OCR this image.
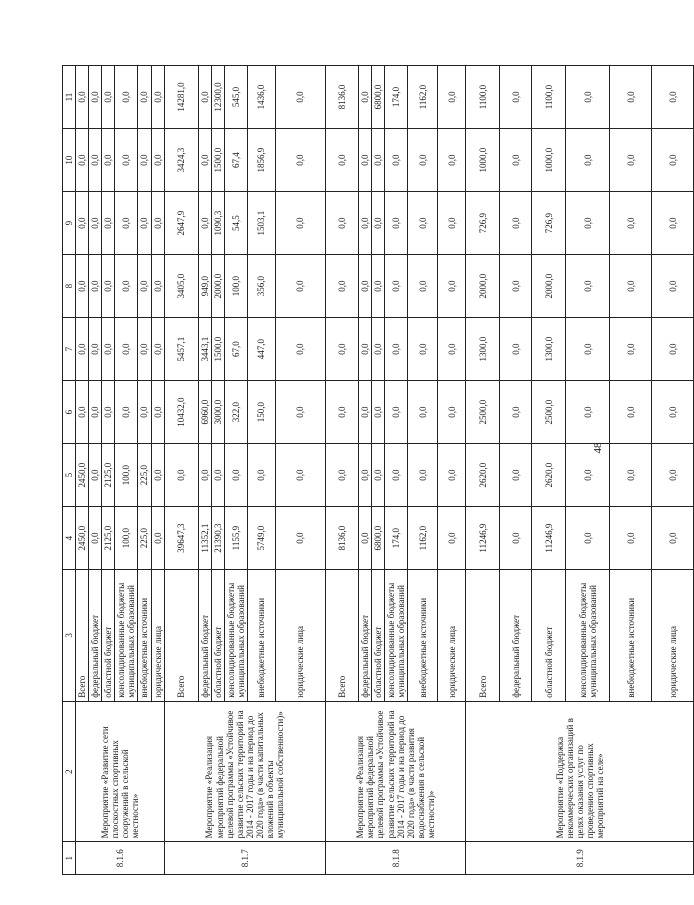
48
1	2	3	4	5	6	7	8	9	10	11
8.1.6	Мероприятие «Развитие сети плоскостных спортивных сооружений в сельской местности»	Всего	2450,0	2450,0	0,0	0,0	0,0	0,0	0,0	0,0
		федеральный бюджет	0,0	0,0	0,0	0,0	0,0	0,0	0,0	0,0
		областной бюджет	2125,0	2125,0	0,0	0,0	0,0	0,0	0,0	0,0
		консолидированные бюджеты муниципальных образований	100,0	100,0	0,0	0,0	0,0	0,0	0,0	0,0
		внебюджетные источники	225,0	225,0	0,0	0,0	0,0	0,0	0,0	0,0
		юридические лица	0,0	0,0	0,0	0,0	0,0	0,0	0,0	0,0
8.1.7	Мероприятие «Реализация мероприятий федеральной целевой программы «Устойчивое развитие сельских территорий на 2014 - 2017 годы и на период до 2020 года» (в части капитальных вложений в объекты муниципальной собственности)»	Всего	39647,3	0,0	10432,0	5457,1	3405,0	2647,9	3424,3	14281,0
		федеральный бюджет	11352,1	0,0	6960,0	3443,1	949,0	0,0	0,0	0,0
		областной бюджет	21390,3	0,0	3000,0	1500,0	2000,0	1090,3	1500,0	12300,0
		консолидированные бюджеты муниципальных образований	1155,9	0,0	322,0	67,0	100,0	54,5	67,4	545,0
		внебюджетные источники	5749,0	0,0	150,0	447,0	356,0	1503,1	1856,9	1436,0
		юридические лица	0,0	0,0	0,0	0,0	0,0	0,0	0,0	0,0
8.1.8	Мероприятие «Реализация мероприятий федеральной целевой программы «Устойчивое развитие сельских территорий на 2014 - 2017 годы и на период до 2020 года» (в части развития водоснабжения в сельской местности)»	Всего	8136,0	0,0	0,0	0,0	0,0	0,0	0,0	8136,0
		федеральный бюджет	0,0	0,0	0,0	0,0	0,0	0,0	0,0	0,0
		областной бюджет	6800,0	0,0	0,0	0,0	0,0	0,0	0,0	6800,0
		консолидированные бюджеты муниципальных образований	174,0	0,0	0,0	0,0	0,0	0,0	0,0	174,0
		внебюджетные источники	1162,0	0,0	0,0	0,0	0,0	0,0	0,0	1162,0
		юридические лица	0,0	0,0	0,0	0,0	0,0	0,0	0,0	0,0
8.1.9	Мероприятие «Поддержка некоммерческих организаций в целях оказания услуг по проведению спортивных мероприятий на селе»	Всего	11246,9	2620,0	2500,0	1300,0	2000,0	726,9	1000,0	1100,0
		федеральный бюджет	0,0	0,0	0,0	0,0	0,0	0,0	0,0	0,0
		областной бюджет	11246,9	2620,0	2500,0	1300,0	2000,0	726,9	1000,0	1100,0
		консолидированные бюджеты муниципальных образований	0,0	0,0	0,0	0,0	0,0	0,0	0,0	0,0
		внебюджетные источники	0,0	0,0	0,0	0,0	0,0	0,0	0,0	0,0
		юридические лица	0,0	0,0	0,0	0,0	0,0	0,0	0,0	0,0
